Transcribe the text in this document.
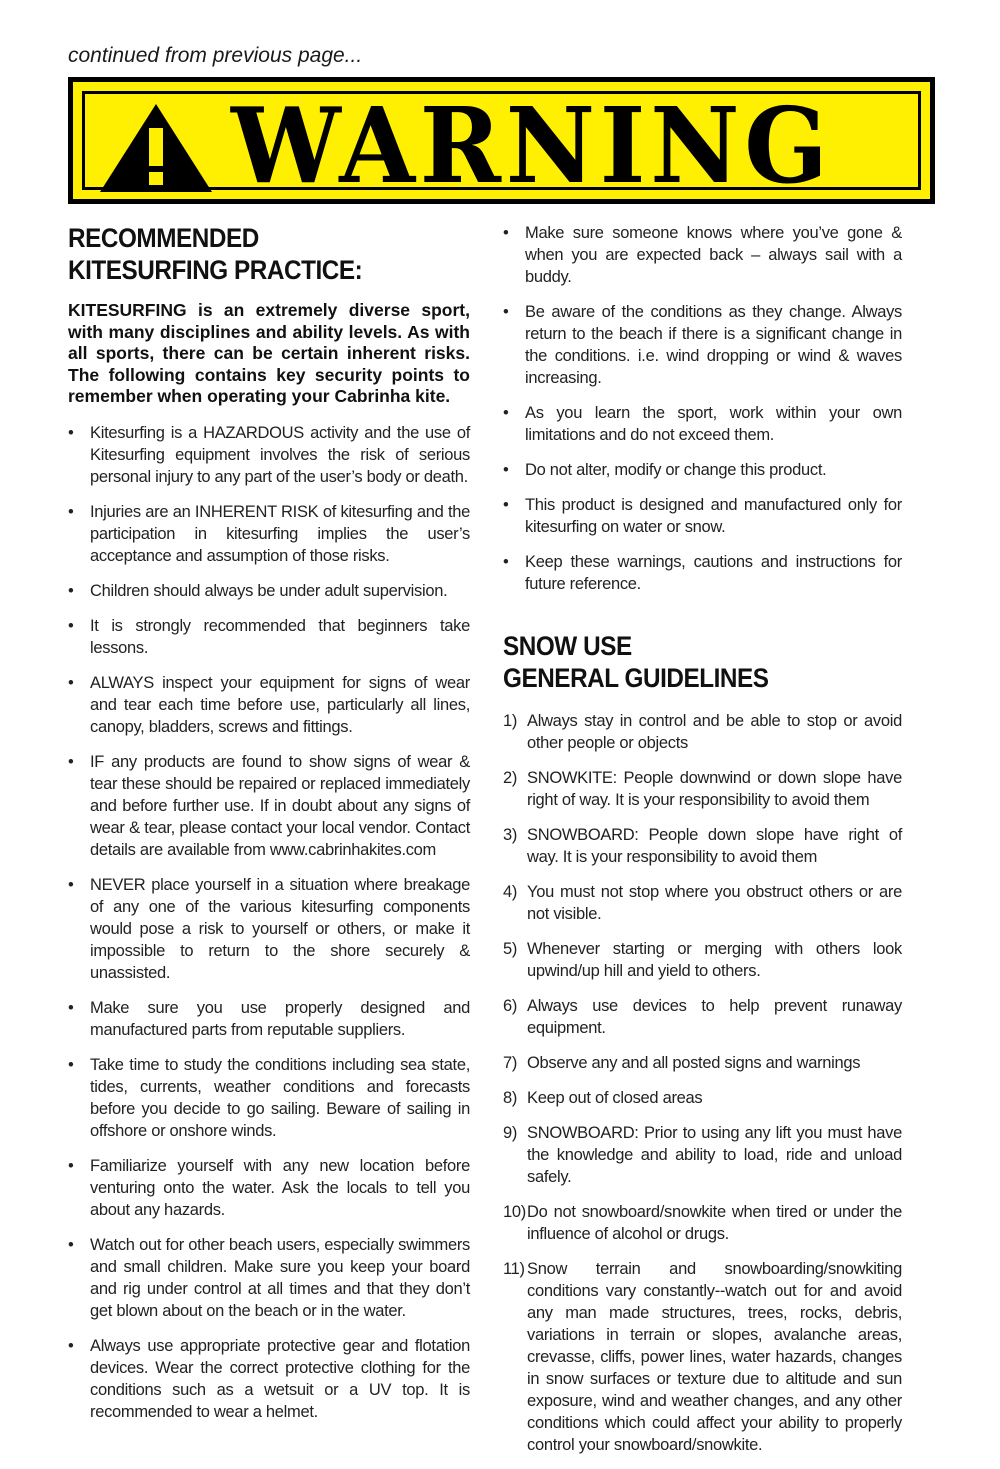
continued from previous page...
WARNING
RECOMMENDED
KITESURFING PRACTICE:

KITESURFING is an extremely diverse sport, with many disciplines and ability levels. As with all sports, there can be certain inherent risks. The following contains key security points to remember when operating your Cabrinha kite.

• Kitesurfing is a HAZARDOUS activity and the use of Kitesurfing equipment involves the risk of serious personal injury to any part of the user’s body or death.
• Injuries are an INHERENT RISK of kitesurfing and the participation in kitesurfing implies the user’s acceptance and assumption of those risks.
• Children should always be under adult supervision.
• It is strongly recommended that beginners take lessons.
• ALWAYS inspect your equipment for signs of wear and tear each time before use, particularly all lines, canopy, bladders, screws and fittings.
• IF any products are found to show signs of wear & tear these should be repaired or replaced immediately and before further use. If in doubt about any signs of wear & tear, please contact your local vendor. Contact details are available from www.cabrinhakites.com
• NEVER place yourself in a situation where breakage of any one of the various kitesurfing components would pose a risk to yourself or others, or make it impossible to return to the shore securely & unassisted.
• Make sure you use properly designed and manufactured parts from reputable suppliers.
• Take time to study the conditions including sea state, tides, currents, weather conditions and forecasts before you decide to go sailing. Beware of sailing in offshore or onshore winds.
• Familiarize yourself with any new location before venturing onto the water. Ask the locals to tell you about any hazards.
• Watch out for other beach users, especially swimmers and small children. Make sure you keep your board and rig under control at all times and that they don’t get blown about on the beach or in the water.
• Always use appropriate protective gear and flotation devices. Wear the correct protective clothing for the conditions such as a wetsuit or a UV top. It is recommended to wear a helmet.
• Make sure someone knows where you’ve gone & when you are expected back – always sail with a buddy.
• Be aware of the conditions as they change. Always return to the beach if there is a significant change in the conditions. i.e. wind dropping or wind & waves increasing.
• As you learn the sport, work within your own limitations and do not exceed them.
• Do not alter, modify or change this product.
• This product is designed and manufactured only for kitesurfing on water or snow.
• Keep these warnings, cautions and instructions for future reference.
SNOW USE
GENERAL GUIDELINES
1) Always stay in control and be able to stop or avoid other people or objects
2) SNOWKITE: People downwind or down slope have right of way. It is your responsibility to avoid them
3) SNOWBOARD: People down slope have right of way. It is your responsibility to avoid them
4) You must not stop where you obstruct others or are not visible.
5) Whenever starting or merging with others look upwind/up hill and yield to others.
6) Always use devices to help prevent runaway equipment.
7) Observe any and all posted signs and warnings
8) Keep out of closed areas
9) SNOWBOARD: Prior to using any lift you must have the knowledge and ability to load, ride and unload safely.
10) Do not snowboard/snowkite when tired or under the influence of alcohol or drugs.
11) Snow terrain and snowboarding/snowkiting conditions vary constantly--watch out for and avoid any man made structures, trees, rocks, debris, variations in terrain or slopes, avalanche areas, crevasse, cliffs, power lines, water hazards, changes in snow surfaces or texture due to altitude and sun exposure, wind and weather changes, and any other conditions which could affect your ability to properly control your snowboard/snowkite.
